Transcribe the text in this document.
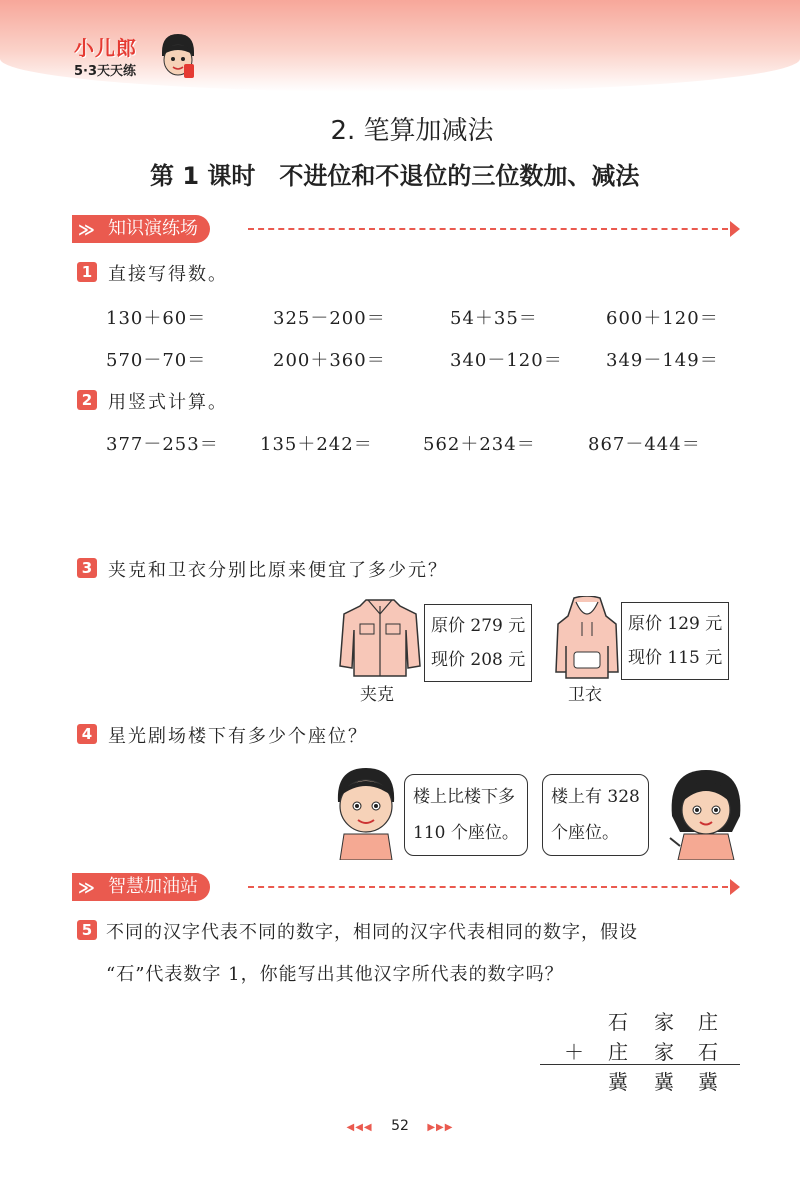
小儿郎
5·3天天练
2. 笔算加减法
第 1 课时　不进位和不退位的三位数加、减法
知识演练场
≫
1 直接写得数。
130＋60＝	325－200＝	54＋35＝	600＋120＝
570－70＝	200＋360＝	340－120＝ 349－149＝
2 用竖式计算。
377－253＝ 135＋242＝	562＋234＝	867－444＝
3 夹克和卫衣分别比原来便宜了多少元？
夹克
原价 279 元
现价 208 元
卫衣
原价 129 元
现价 115 元
4 星光剧场楼下有多少个座位？
楼上比楼下多
110 个座位。
楼上有 328
个座位。
智慧加油站
≫
5 不同的汉字代表不同的数字，相同的汉字代表相同的数字，假设
“石”代表数字 1，你能写出其他汉字所代表的数字吗？
石 家 庄
＋ 庄 家 石
冀 冀 冀
◀◀◀ 52 ▶▶▶
